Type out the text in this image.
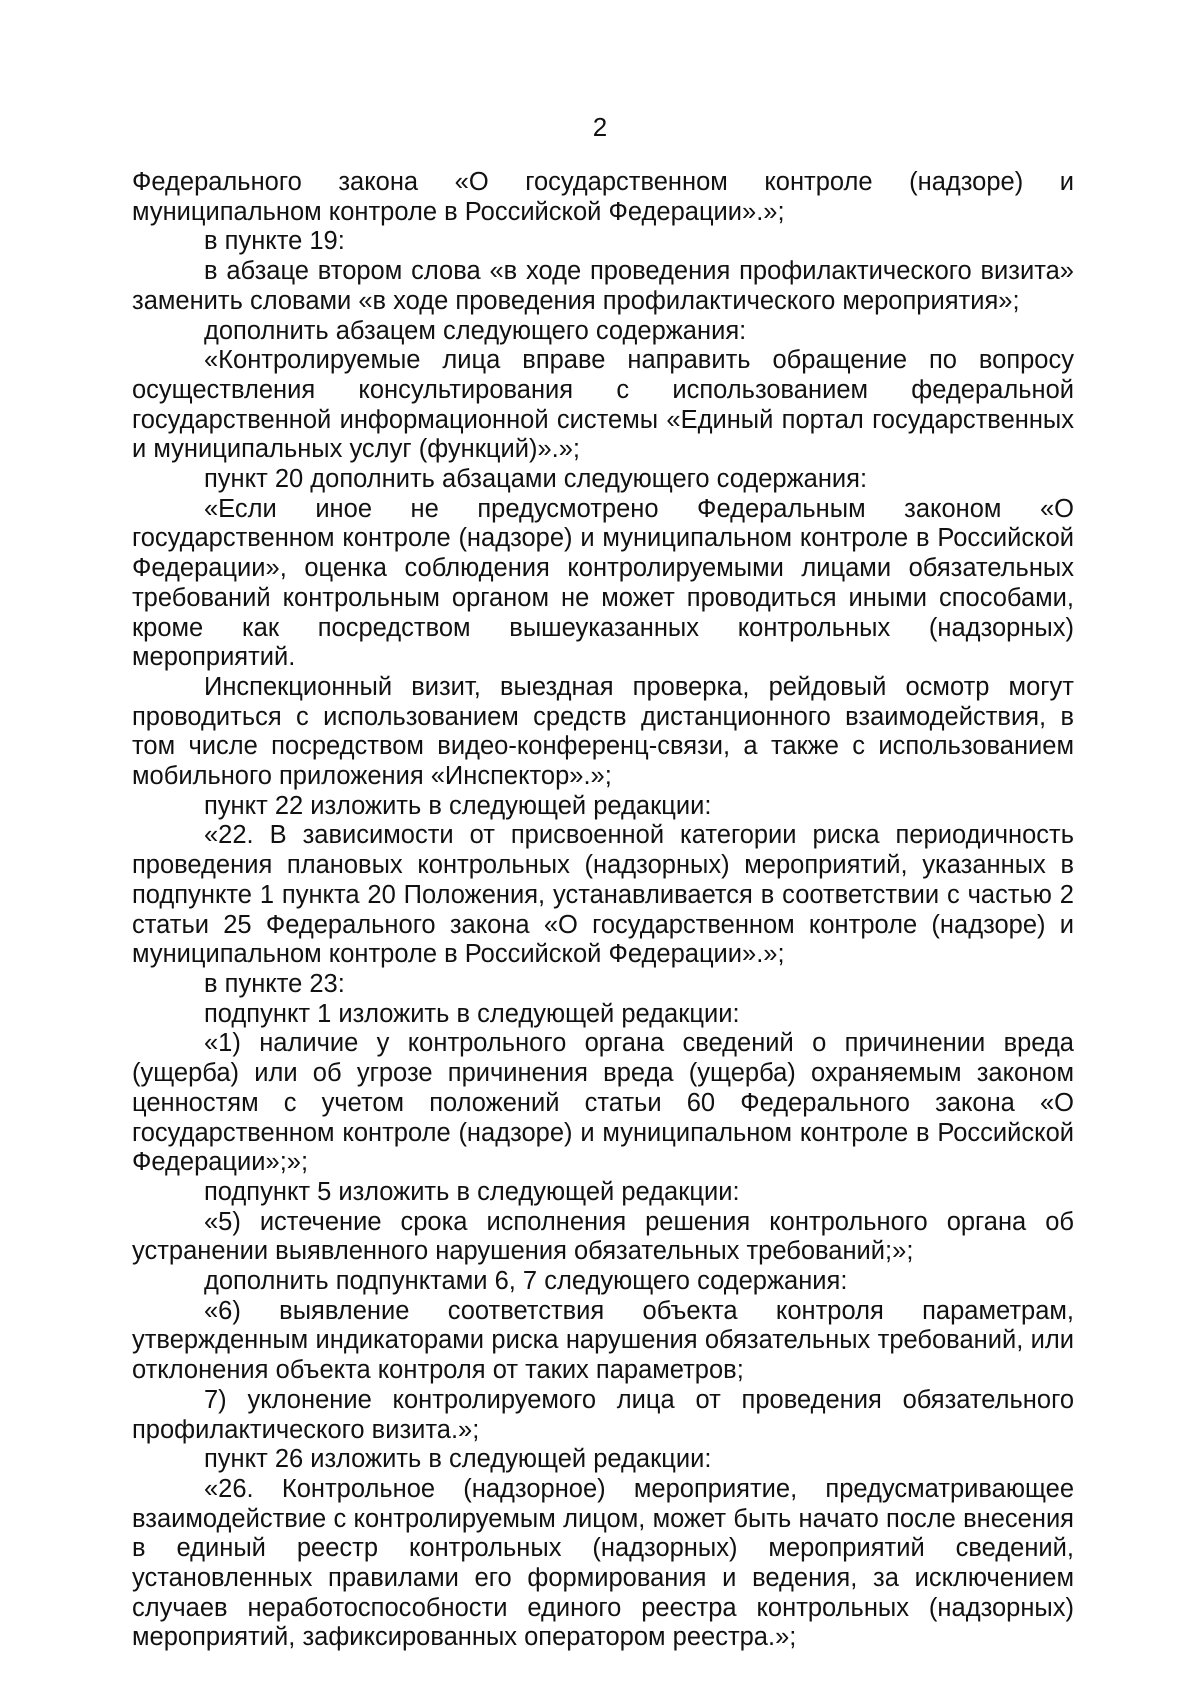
2

Федерального закона «О государственном контроле (надзоре) и муниципальном контроле в Российской Федерации».»;

в пункте 19:

в абзаце втором слова «в ходе проведения профилактического визита» заменить словами «в ходе проведения профилактического мероприятия»;

дополнить абзацем следующего содержания:

«Контролируемые лица вправе направить обращение по вопросу осуществления консультирования с использованием федеральной государственной информационной системы «Единый портал государственных и муниципальных услуг (функций)».»;

пункт 20 дополнить абзацами следующего содержания:

«Если иное не предусмотрено Федеральным законом «О государственном контроле (надзоре) и муниципальном контроле в Российской Федерации», оценка соблюдения контролируемыми лицами обязательных требований контрольным органом не может проводиться иными способами, кроме как посредством вышеуказанных контрольных (надзорных) мероприятий.

Инспекционный визит, выездная проверка, рейдовый осмотр могут проводиться с использованием средств дистанционного взаимодействия, в том числе посредством видео-конференц-связи, а также с использованием мобильного приложения «Инспектор».»;

пункт 22 изложить в следующей редакции:

«22. В зависимости от присвоенной категории риска периодичность проведения плановых контрольных (надзорных) мероприятий, указанных в подпункте 1 пункта 20 Положения, устанавливается в соответствии с частью 2 статьи 25 Федерального закона «О государственном контроле (надзоре) и муниципальном контроле в Российской Федерации».»;

в пункте 23:

подпункт 1 изложить в следующей редакции:

«1) наличие у контрольного органа сведений о причинении вреда (ущерба) или об угрозе причинения вреда (ущерба) охраняемым законом ценностям с учетом положений статьи 60 Федерального закона «О государственном контроле (надзоре) и муниципальном контроле в Российской Федерации»;»;

подпункт 5 изложить в следующей редакции:

«5) истечение срока исполнения решения контрольного органа об устранении выявленного нарушения обязательных требований;»;

дополнить подпунктами 6, 7 следующего содержания:

«6) выявление соответствия объекта контроля параметрам, утвержденным индикаторами риска нарушения обязательных требований, или отклонения объекта контроля от таких параметров;

7) уклонение контролируемого лица от проведения обязательного профилактического визита.»;

пункт 26 изложить в следующей редакции:

«26. Контрольное (надзорное) мероприятие, предусматривающее взаимодействие с контролируемым лицом, может быть начато после внесения в единый реестр контрольных (надзорных) мероприятий сведений, установленных правилами его формирования и ведения, за исключением случаев неработоспособности единого реестра контрольных (надзорных) мероприятий, зафиксированных оператором реестра.»;
